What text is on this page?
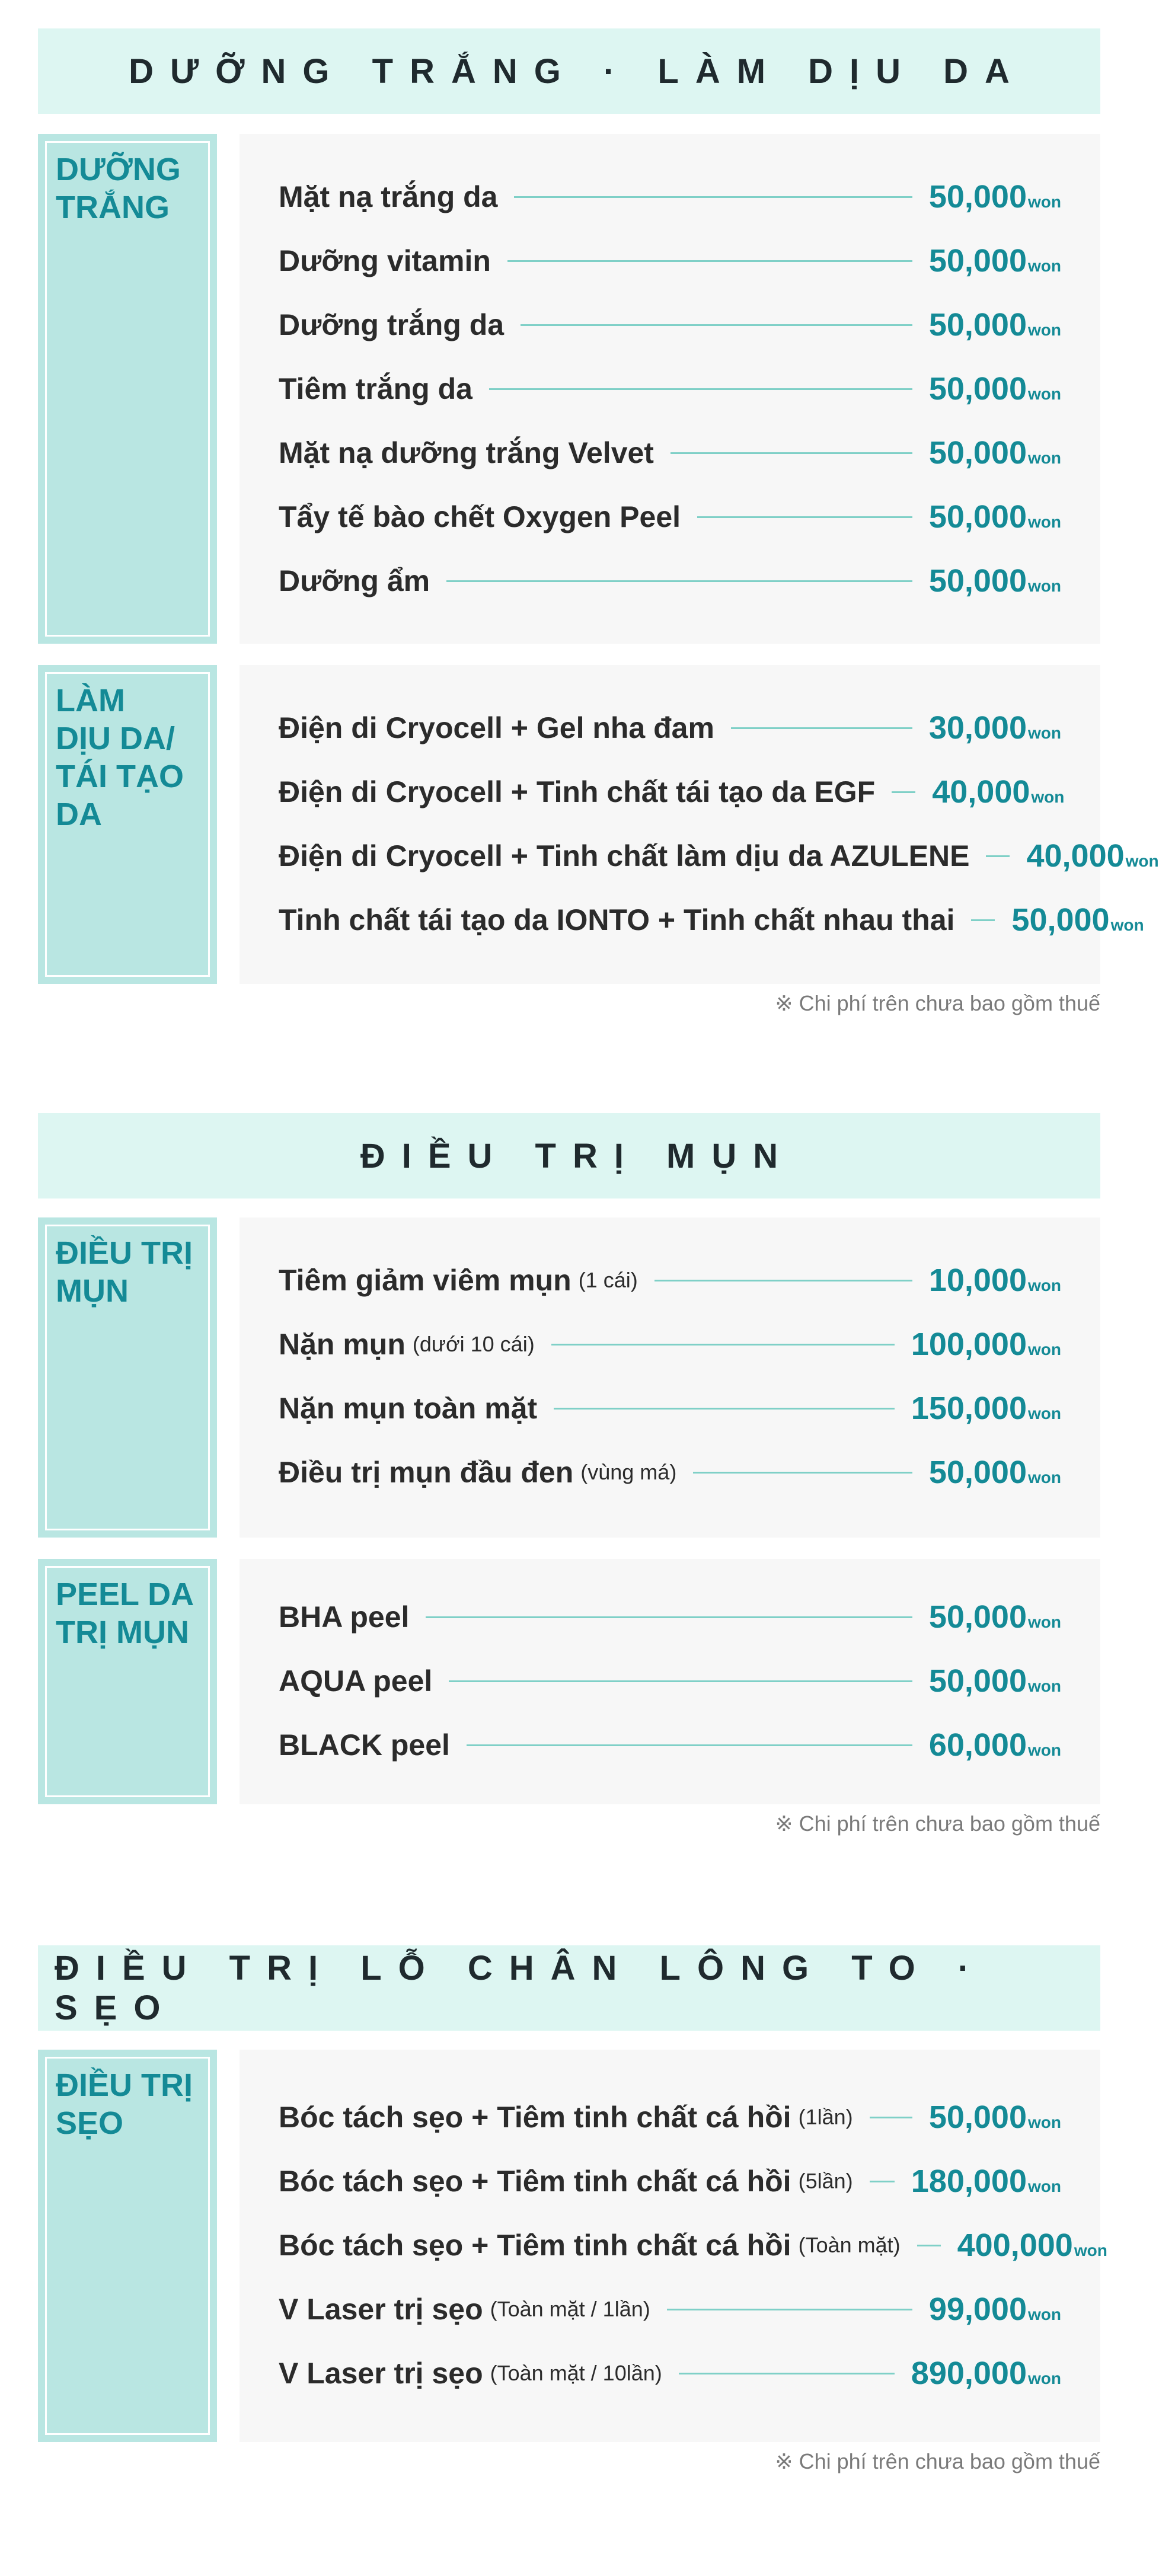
DƯỠNG TRẮNG · LÀM DỊU DA
DƯỠNG
TRẮNG	Mặt nạ trắng da	50,000 won
Dưỡng vitamin	50,000 won
Dưỡng trắng da	50,000 won
Tiêm trắng da	50,000 won
Mặt nạ dưỡng trắng Velvet	50,000 won
Tẩy tế bào chết Oxygen Peel	50,000 won
Dưỡng ẩm	50,000 won
LÀM
DỊU DA/
TÁI TẠO
DA
Điện di Cryocell + Gel nha đam	30,000 won
Điện di Cryocell + Tinh chất tái tạo da EGF 40,000 won
Điện di Cryocell + Tinh chất làm dịu da AZULENE 40,000 won
Tinh chất tái tạo da IONTO + Tinh chất nhau thai 50,000 won
※ Chi phí trên chưa bao gồm thuế
ĐIỀU TRỊ MỤN
ĐIỀU TRỊ
MỤN	Tiêm giảm viêm mụn (1 cái)	10,000 won
Nặn mụn (dưới 10 cái)	100,000 won
Nặn mụn toàn mặt	150,000 won
Điều trị mụn đầu đen (vùng má)	50,000 won
PEEL DA
TRỊ MỤN	BHA peel	50,000 won
AQUA peel	50,000 won
BLACK peel	60,000 won
※ Chi phí trên chưa bao gồm thuế
ĐIỀU TRỊ LỖ CHÂN LÔNG TO · SẸO
ĐIỀU TRỊ
SẸO	Bóc tách sẹo + Tiêm tinh chất cá hồi (1lần) 50,000 won
Bóc tách sẹo + Tiêm tinh chất cá hồi (5lần) 180,000 won
Bóc tách sẹo + Tiêm tinh chất cá hồi (Toàn mặt) 400,000 won
V Laser trị sẹo (Toàn mặt / 1lần)	99,000 won
V Laser trị sẹo (Toàn mặt / 10lần)	890,000 won
※ Chi phí trên chưa bao gồm thuế
